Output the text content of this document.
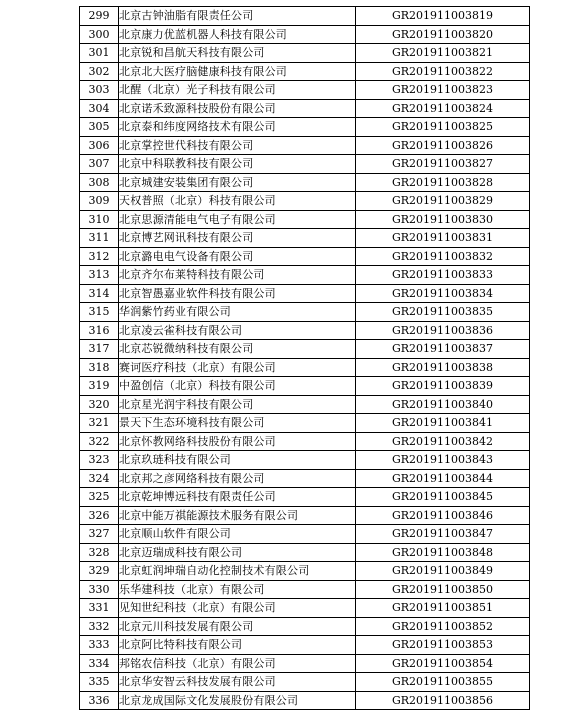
299	北京古钟油脂有限责任公司	GR201911003819
300	北京康力优蓝机器人科技有限公司	GR201911003820
301	北京锐和昌航天科技有限公司	GR201911003821
302	北京北大医疗脑健康科技有限公司	GR201911003822
303	北醒（北京）光子科技有限公司	GR201911003823
304	北京诺禾致源科技股份有限公司	GR201911003824
305	北京泰和纬度网络技术有限公司	GR201911003825
306	北京掌控世代科技有限公司	GR201911003826
307	北京中科联教科技有限公司	GR201911003827
308	北京城建安装集团有限公司	GR201911003828
309	天权普照（北京）科技有限公司	GR201911003829
310	北京思源清能电气电子有限公司	GR201911003830
311	北京博艺网讯科技有限公司	GR201911003831
312	北京潞电电气设备有限公司	GR201911003832
313	北京齐尔布莱特科技有限公司	GR201911003833
314	北京智愚嘉业软件科技有限公司	GR201911003834
315	华润紫竹药业有限公司	GR201911003835
316	北京凌云雀科技有限公司	GR201911003836
317	北京芯锐微纳科技有限公司	GR201911003837
318	赛诃医疗科技（北京）有限公司	GR201911003838
319	中盈创信（北京）科技有限公司	GR201911003839
320	北京星光润宇科技有限公司	GR201911003840
321	景天下生态环境科技有限公司	GR201911003841
322	北京怀教网络科技股份有限公司	GR201911003842
323	北京玖琏科技有限公司	GR201911003843
324	北京邦之彦网络科技有限公司	GR201911003844
325	北京乾坤博远科技有限责任公司	GR201911003845
326	北京中能万祺能源技术服务有限公司	GR201911003846
327	北京顺山软件有限公司	GR201911003847
328	北京迈瑞成科技有限公司	GR201911003848
329	北京虹润坤瑞自动化控制技术有限公司	GR201911003849
330	乐华建科技（北京）有限公司	GR201911003850
331	见知世纪科技（北京）有限公司	GR201911003851
332	北京元川科技发展有限公司	GR201911003852
333	北京阿比特科技有限公司	GR201911003853
334	邦铭农信科技（北京）有限公司	GR201911003854
335	北京华安智云科技发展有限公司	GR201911003855
336	北京龙成国际文化发展股份有限公司	GR201911003856
